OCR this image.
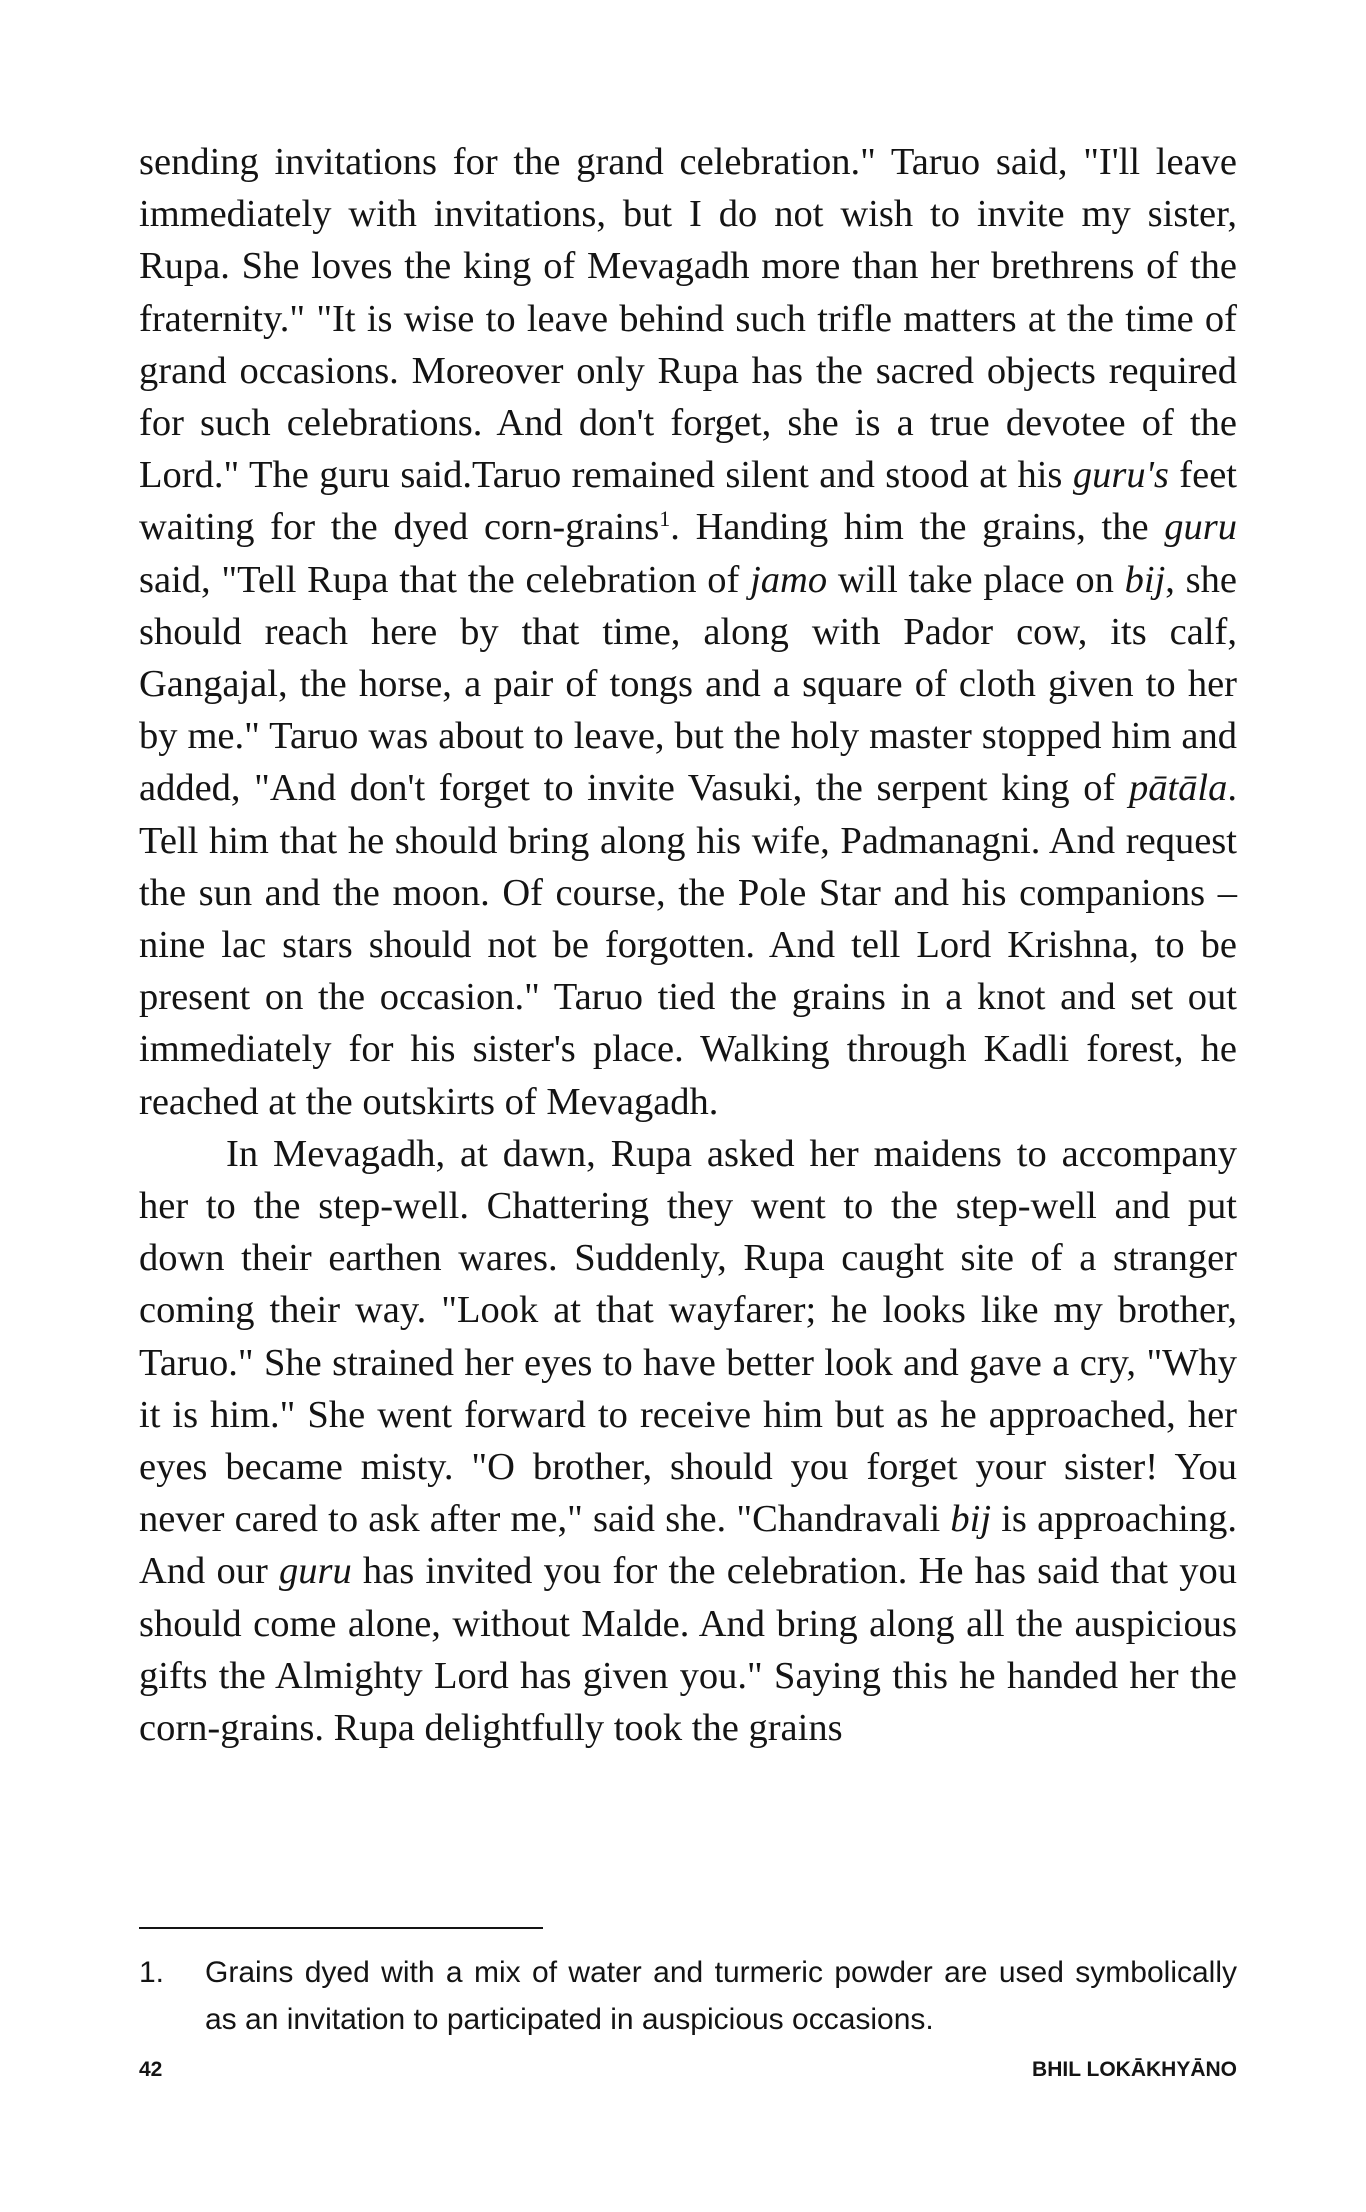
sending invitations for the grand celebration." Taruo said, "I'll leave immediately with invitations, but I do not wish to invite my sister, Rupa. She loves the king of Mevagadh more than her brethrens of the fraternity." "It is wise to leave behind such trifle matters at the time of grand occasions. Moreover only Rupa has the sacred objects required for such celebrations. And don't forget, she is a true devotee of the Lord." The guru said.Taruo remained silent and stood at his guru's feet waiting for the dyed corn-grains$^1$. Handing him the grains, the guru said, "Tell Rupa that the celebration of jamo will take place on bij, she should reach here by that time, along with Pador cow, its calf, Gangajal, the horse, a pair of tongs and a square of cloth given to her by me." Taruo was about to leave, but the holy master stopped him and added, "And don't forget to invite Vasuki, the serpent king of pātāla. Tell him that he should bring along his wife, Padmanagni. And request the sun and the moon. Of course, the Pole Star and his companions – nine lac stars should not be forgotten. And tell Lord Krishna, to be present on the occasion." Taruo tied the grains in a knot and set out immediately for his sister's place. Walking through Kadli forest, he reached at the outskirts of Mevagadh.

In Mevagadh, at dawn, Rupa asked her maidens to accompany her to the step-well. Chattering they went to the step-well and put down their earthen wares. Suddenly, Rupa caught site of a stranger coming their way. "Look at that wayfarer; he looks like my brother, Taruo." She strained her eyes to have better look and gave a cry, "Why it is him." She went forward to receive him but as he approached, her eyes became misty. "O brother, should you forget your sister! You never cared to ask after me," said she. "Chandravali bij is approaching. And our guru has invited you for the celebration. He has said that you should come alone, without Malde. And bring along all the auspicious gifts the Almighty Lord has given you." Saying this he handed her the corn-grains. Rupa delightfully took the grains

1.	Grains dyed with a mix of water and turmeric powder are used symbolically as an invitation to participated in auspicious occasions.
42	BHIL LOKĀKHYĀNO
